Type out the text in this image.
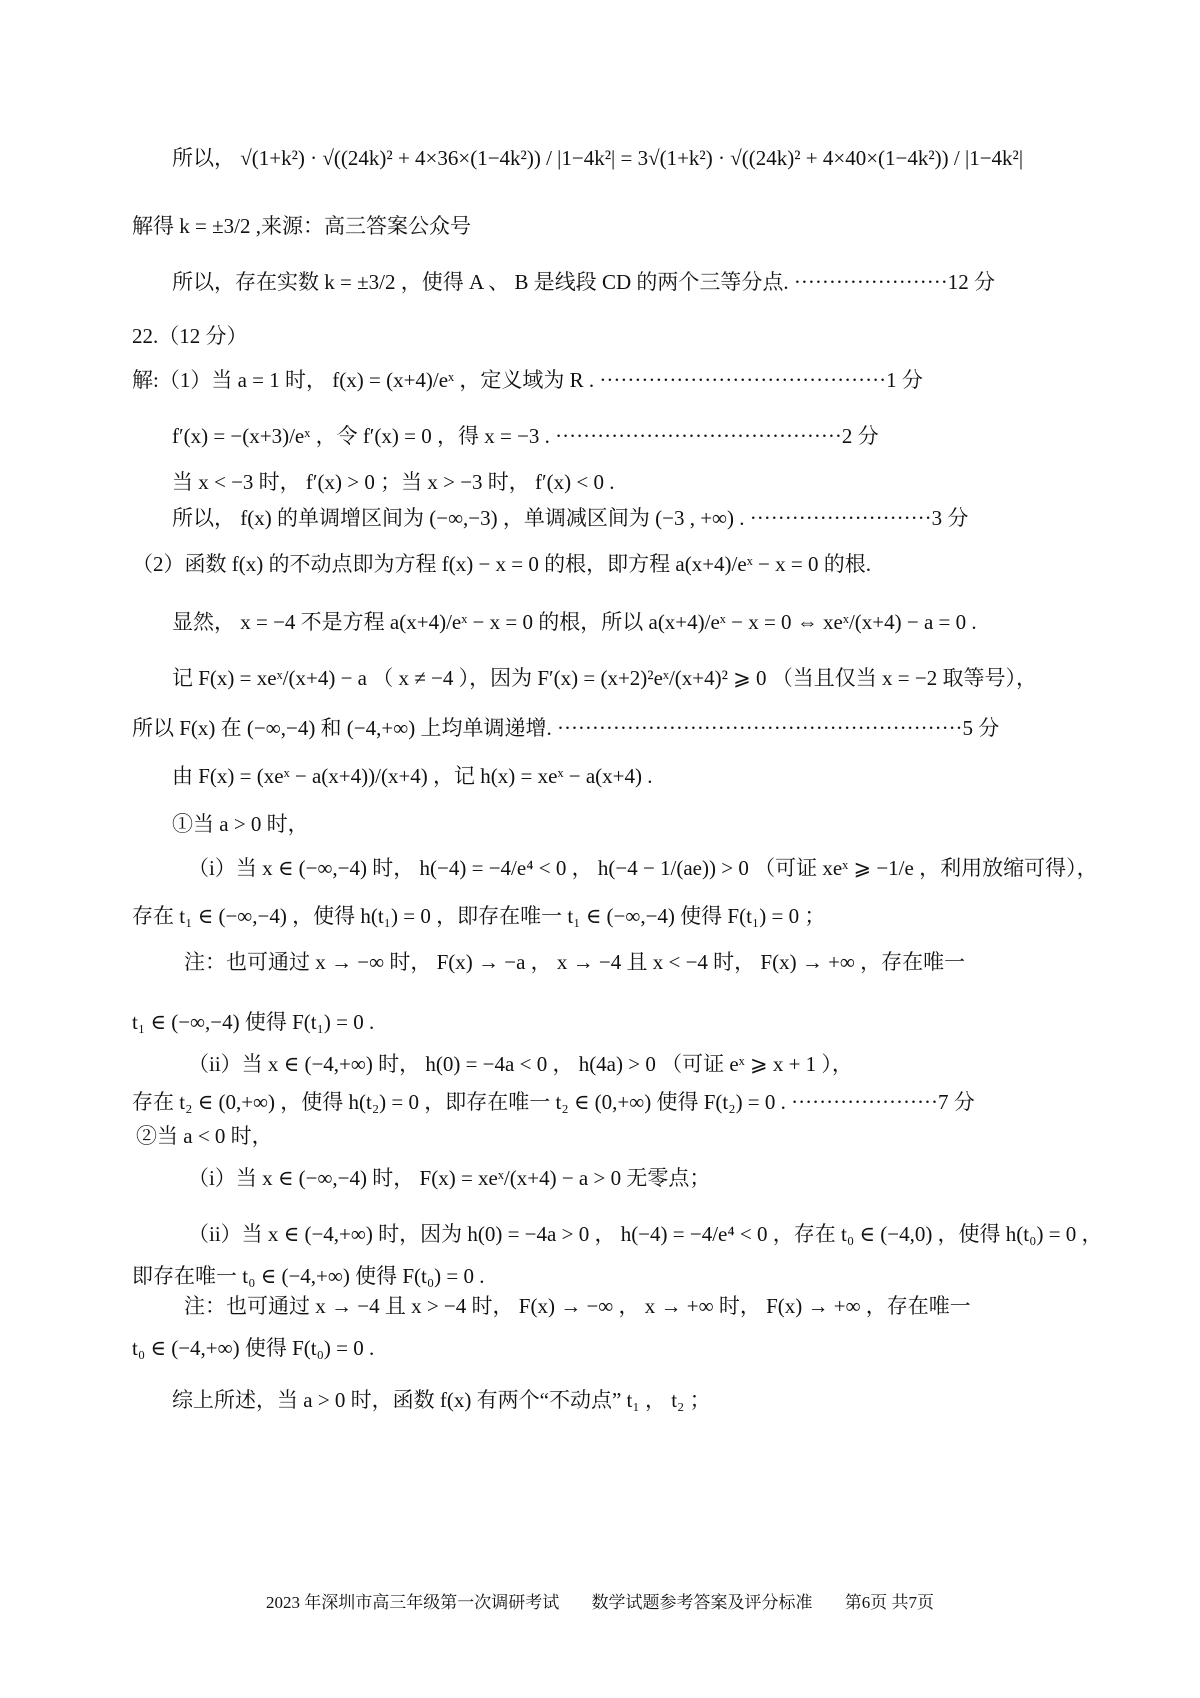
所以， √(1+k²) · √((24k)² + 4×36×(1−4k²)) / |1−4k²| = 3√(1+k²) · √((24k)² + 4×40×(1−4k²)) / |1−4k²|
解得 k = ±3/2 ,来源：高三答案公众号
所以，存在实数 k = ±3/2 ，使得 A 、 B 是线段 CD 的两个三等分点. ······················12 分
22.（12 分）
解:（1）当 a = 1 时， f(x) = (x+4)/eˣ ，定义域为 R . ·········································1 分
f′(x) = −(x+3)/eˣ ，令 f′(x) = 0 ，得 x = −3 . ·········································2 分
当 x < −3 时， f′(x) > 0 ；当 x > −3 时， f′(x) < 0 .
所以， f(x) 的单调增区间为 (−∞,−3) ，单调减区间为 (−3 , +∞) . ··························3 分
（2）函数 f(x) 的不动点即为方程 f(x) − x = 0 的根，即方程 a(x+4)/eˣ − x = 0 的根.
显然， x = −4 不是方程 a(x+4)/eˣ − x = 0 的根，所以 a(x+4)/eˣ − x = 0 ⇔ xeˣ/(x+4) − a = 0 .
记 F(x) = xeˣ/(x+4) − a （ x ≠ −4 ），因为 F′(x) = (x+2)²eˣ/(x+4)² ⩾ 0 （当且仅当 x = −2 取等号），
所以 F(x) 在 (−∞,−4) 和 (−4,+∞) 上均单调递增. ··························································5 分
由 F(x) = (xeˣ − a(x+4))/(x+4) ，记 h(x) = xeˣ − a(x+4) .
①当 a > 0 时，
（i）当 x ∈ (−∞,−4) 时， h(−4) = −4/e⁴ < 0 ， h(−4 − 1/(ae)) > 0 （可证 xeˣ ⩾ −1/e ，利用放缩可得），
存在 t₁ ∈ (−∞,−4) ，使得 h(t₁) = 0 ，即存在唯一 t₁ ∈ (−∞,−4) 使得 F(t₁) = 0 ；
注：也可通过 x → −∞ 时， F(x) → −a ， x → −4 且 x < −4 时， F(x) → +∞ ，存在唯一
t₁ ∈ (−∞,−4) 使得 F(t₁) = 0 .
（ii）当 x ∈ (−4,+∞) 时， h(0) = −4a < 0 ， h(4a) > 0 （可证 eˣ ⩾ x + 1 ），
存在 t₂ ∈ (0,+∞) ，使得 h(t₂) = 0 ，即存在唯一 t₂ ∈ (0,+∞) 使得 F(t₂) = 0 . ·····················7 分
②当 a < 0 时，
（i）当 x ∈ (−∞,−4) 时， F(x) = xeˣ/(x+4) − a > 0 无零点；
（ii）当 x ∈ (−4,+∞) 时，因为 h(0) = −4a > 0 ， h(−4) = −4/e⁴ < 0 ，存在 t₀ ∈ (−4,0) ，使得 h(t₀) = 0 ，
即存在唯一 t₀ ∈ (−4,+∞) 使得 F(t₀) = 0 .
注：也可通过 x → −4 且 x > −4 时， F(x) → −∞ ， x → +∞ 时， F(x) → +∞ ，存在唯一
t₀ ∈ (−4,+∞) 使得 F(t₀) = 0 .
综上所述，当 a > 0 时，函数 f(x) 有两个“不动点” t₁ ， t₂ ；
2023 年深圳市高三年级第一次调研考试 数学试题参考答案及评分标准 第6页 共7页
